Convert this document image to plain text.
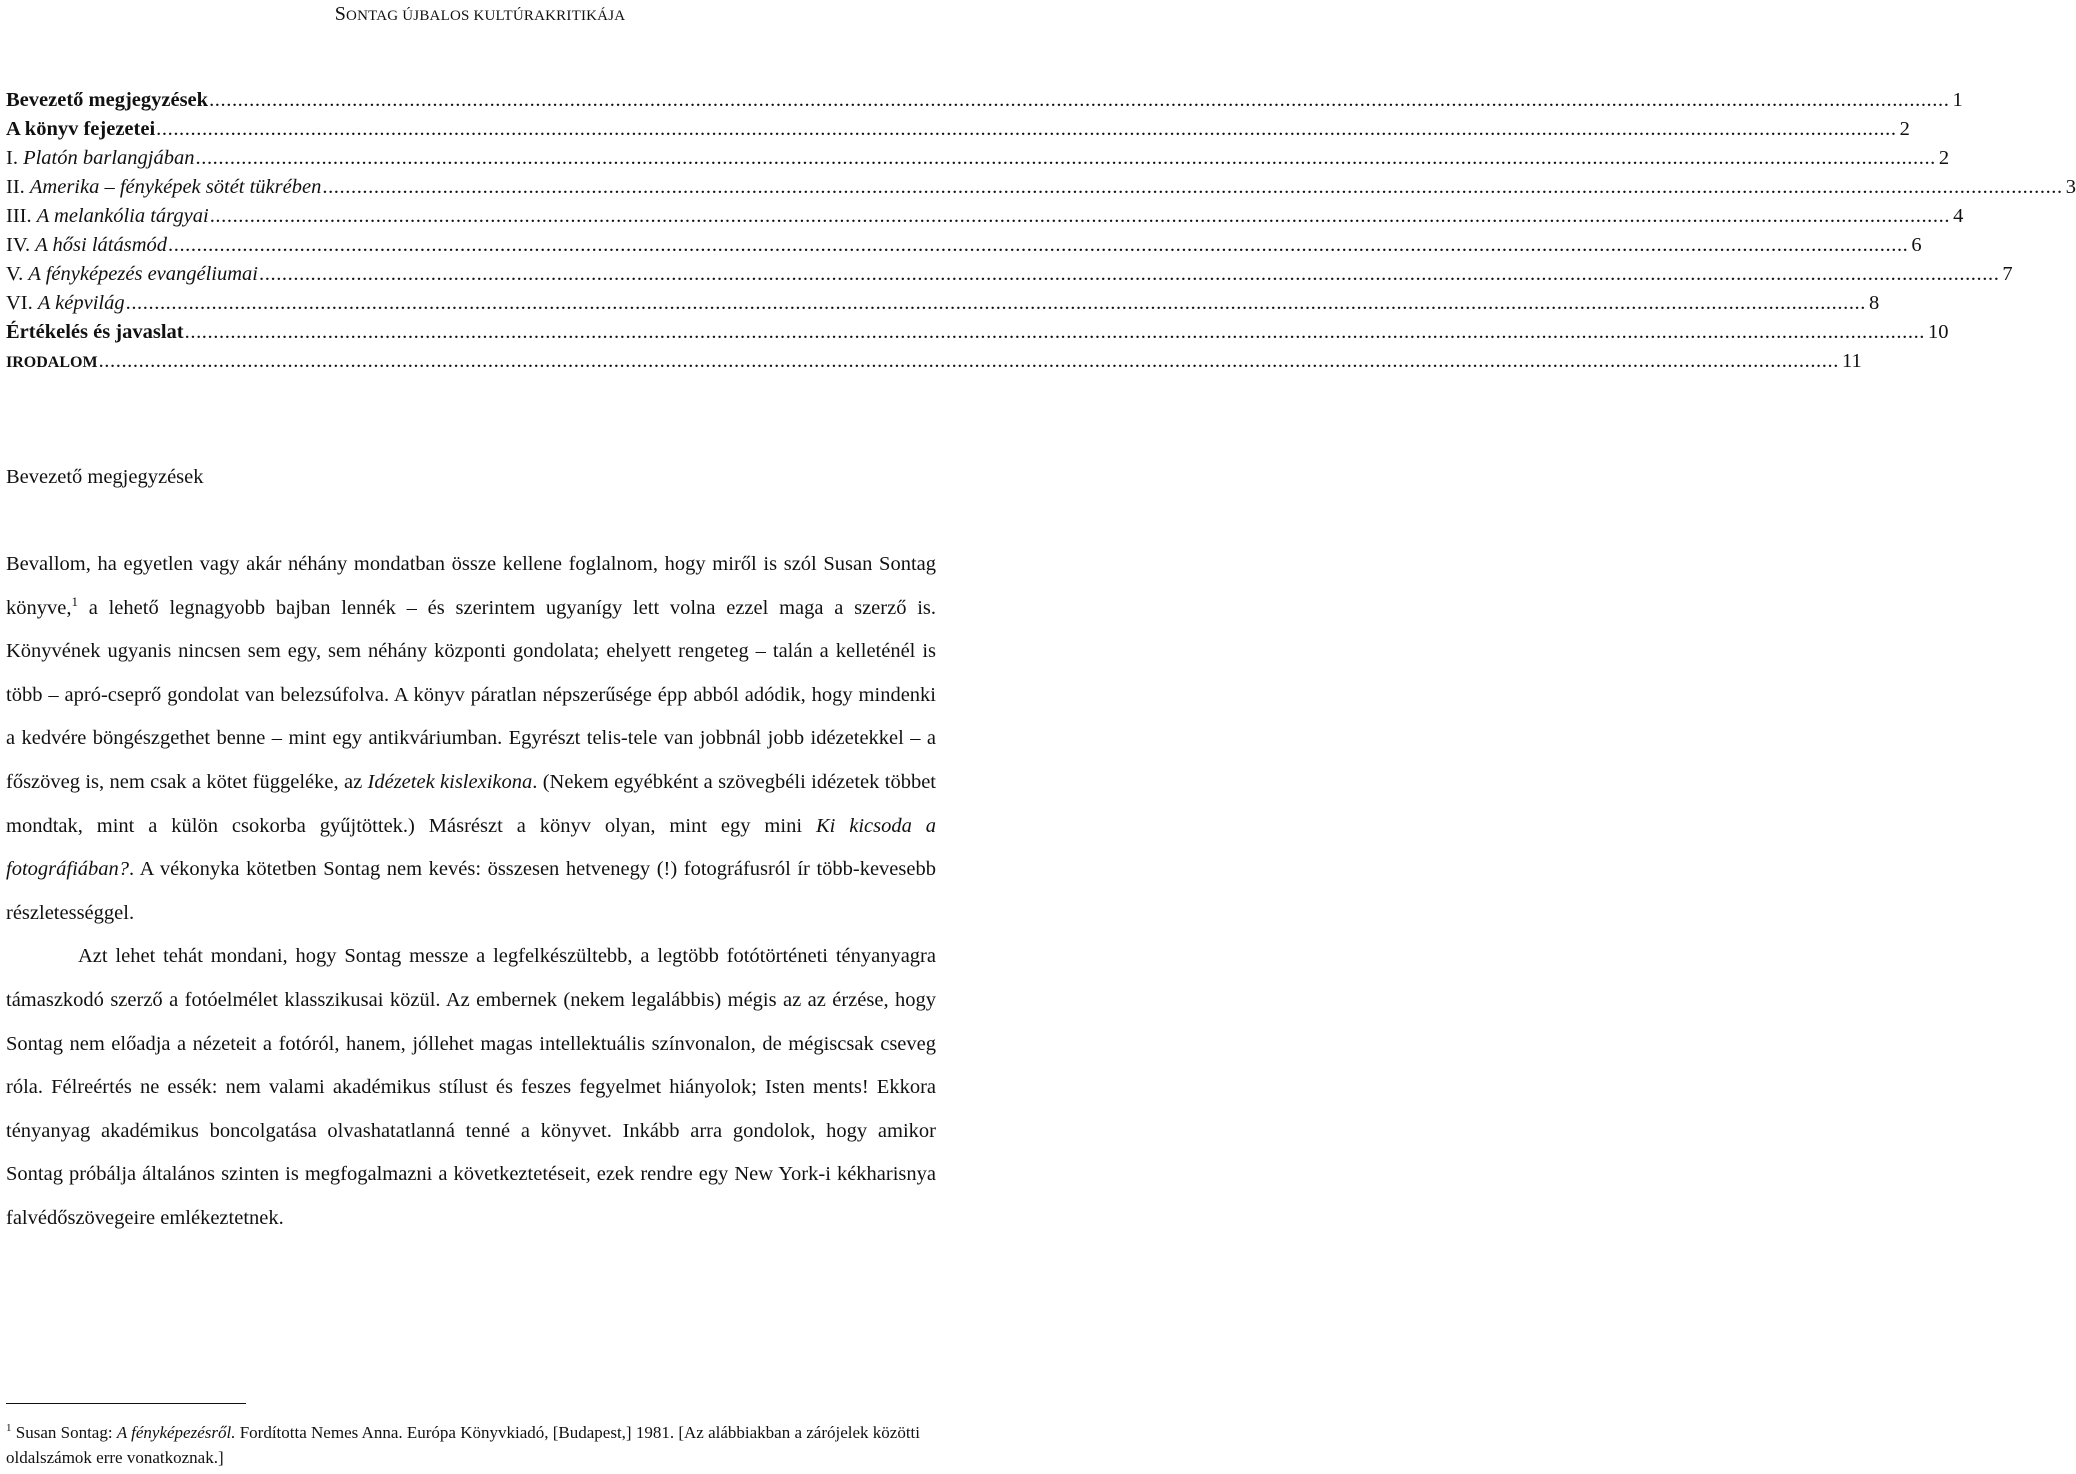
SONTAG ÚJBALOS KULTÚRAKRITIKÁJA
Bevezető megjegyzések .....	1
A könyv fejezetei .....	2
I. Platón barlangjában .....	2
II. Amerika – fényképek sötét tükrében .....	3
III. A melankólia tárgyai .....	4
IV. A hősi látásmód .....	6
V. A fényképezés evangéliumai .....	7
VI. A képvilág .....	8
Értékelés és javaslat .....	10
IRODALOM .....	11
Bevezető megjegyzések

Bevallom, ha egyetlen vagy akár néhány mondatban össze kellene foglalnom, hogy miről is szól Susan Sontag könyve,$^1$ a lehető legnagyobb bajban lennék – és szerintem ugyanígy lett volna ezzel maga a szerző is. Könyvének ugyanis nincsen sem egy, sem néhány központi gondolata; ehelyett rengeteg – talán a kelleténél is több – apró-cseprő gondolat van belezsúfolva. A könyv páratlan népszerűsége épp abból adódik, hogy mindenki a kedvére böngészgethet benne – mint egy antikváriumban. Egyrészt telis-tele van jobbnál jobb idézetekkel – a főszöveg is, nem csak a kötet függeléke, az Idézetek kislexikona. (Nekem egyébként a szövegbéli idézetek többet mondtak, mint a külön csokorba gyűjtöttek.) Másrészt a könyv olyan, mint egy mini Ki kicsoda a fotográfiában?. A vékonyka kötetben Sontag nem kevés: összesen hetvenegy (!) fotográfusról ír több-kevesebb részletességgel.

Azt lehet tehát mondani, hogy Sontag messze a legfelkészültebb, a legtöbb fotótörténeti tényanyagra támaszkodó szerző a fotóelmélet klasszikusai közül. Az embernek (nekem legalábbis) mégis az az érzése, hogy Sontag nem előadja a nézeteit a fotóról, hanem, jóllehet magas intellektuális színvonalon, de mégiscsak cseveg róla. Félreértés ne essék: nem valami akadémikus stílust és feszes fegyelmet hiányolok; Isten ments! Ekkora tényanyag akadémikus boncolgatása olvashatatlanná tenné a könyvet. Inkább arra gondolok, hogy amikor Sontag próbálja általános szinten is megfogalmazni a következtetéseit, ezek rendre egy New York-i kékharisnya falvédőszövegeire emlékeztetnek.

$^1$ Susan Sontag: A fényképezésről. Fordította Nemes Anna. Európa Könyvkiadó, [Budapest,] 1981. [Az alábbiakban a zárójelek közötti oldalszámok erre vonatkoznak.]
